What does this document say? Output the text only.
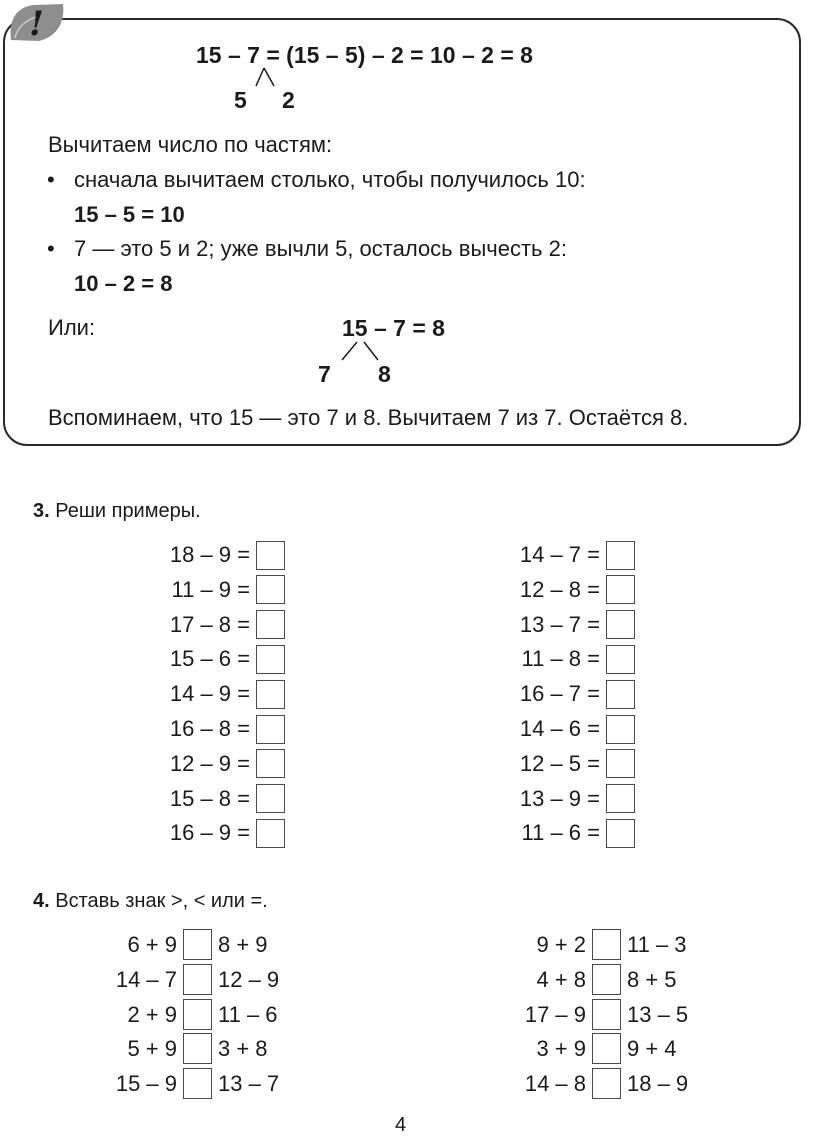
!
15 – 7 = (15 – 5) – 2 = 10 – 2 = 8
5 2
Вычитаем число по частям:
• сначала вычитаем столько, чтобы получилось 10:
15 – 5 = 10
• 7 — это 5 и 2; уже вычли 5, осталось вычесть 2:
10 – 2 = 8
Или:	15 – 7 = 8
7 8
Вспоминаем, что 15 — это 7 и 8. Вычитаем 7 из 7. Остаётся 8.
3. Реши примеры.
18 – 9 =
11 – 9 =
17 – 8 =
15 – 6 =
14 – 9 =
16 – 8 =
12 – 9 =
15 – 8 =
16 – 9 =
14 – 7 =
12 – 8 =
13 – 7 =
11 – 8 =
16 – 7 =
14 – 6 =
12 – 5 =
13 – 9 =
11 – 6 =
4. Вставь знак >, < или =.
6 + 9 8 + 9
14 – 7 12 – 9
2 + 9 11 – 6
5 + 9 3 + 8
15 – 9 13 – 7
9 + 2 11 – 3
4 + 8 8 + 5
17 – 9 13 – 5
3 + 9 9 + 4
14 – 8 18 – 9
4
